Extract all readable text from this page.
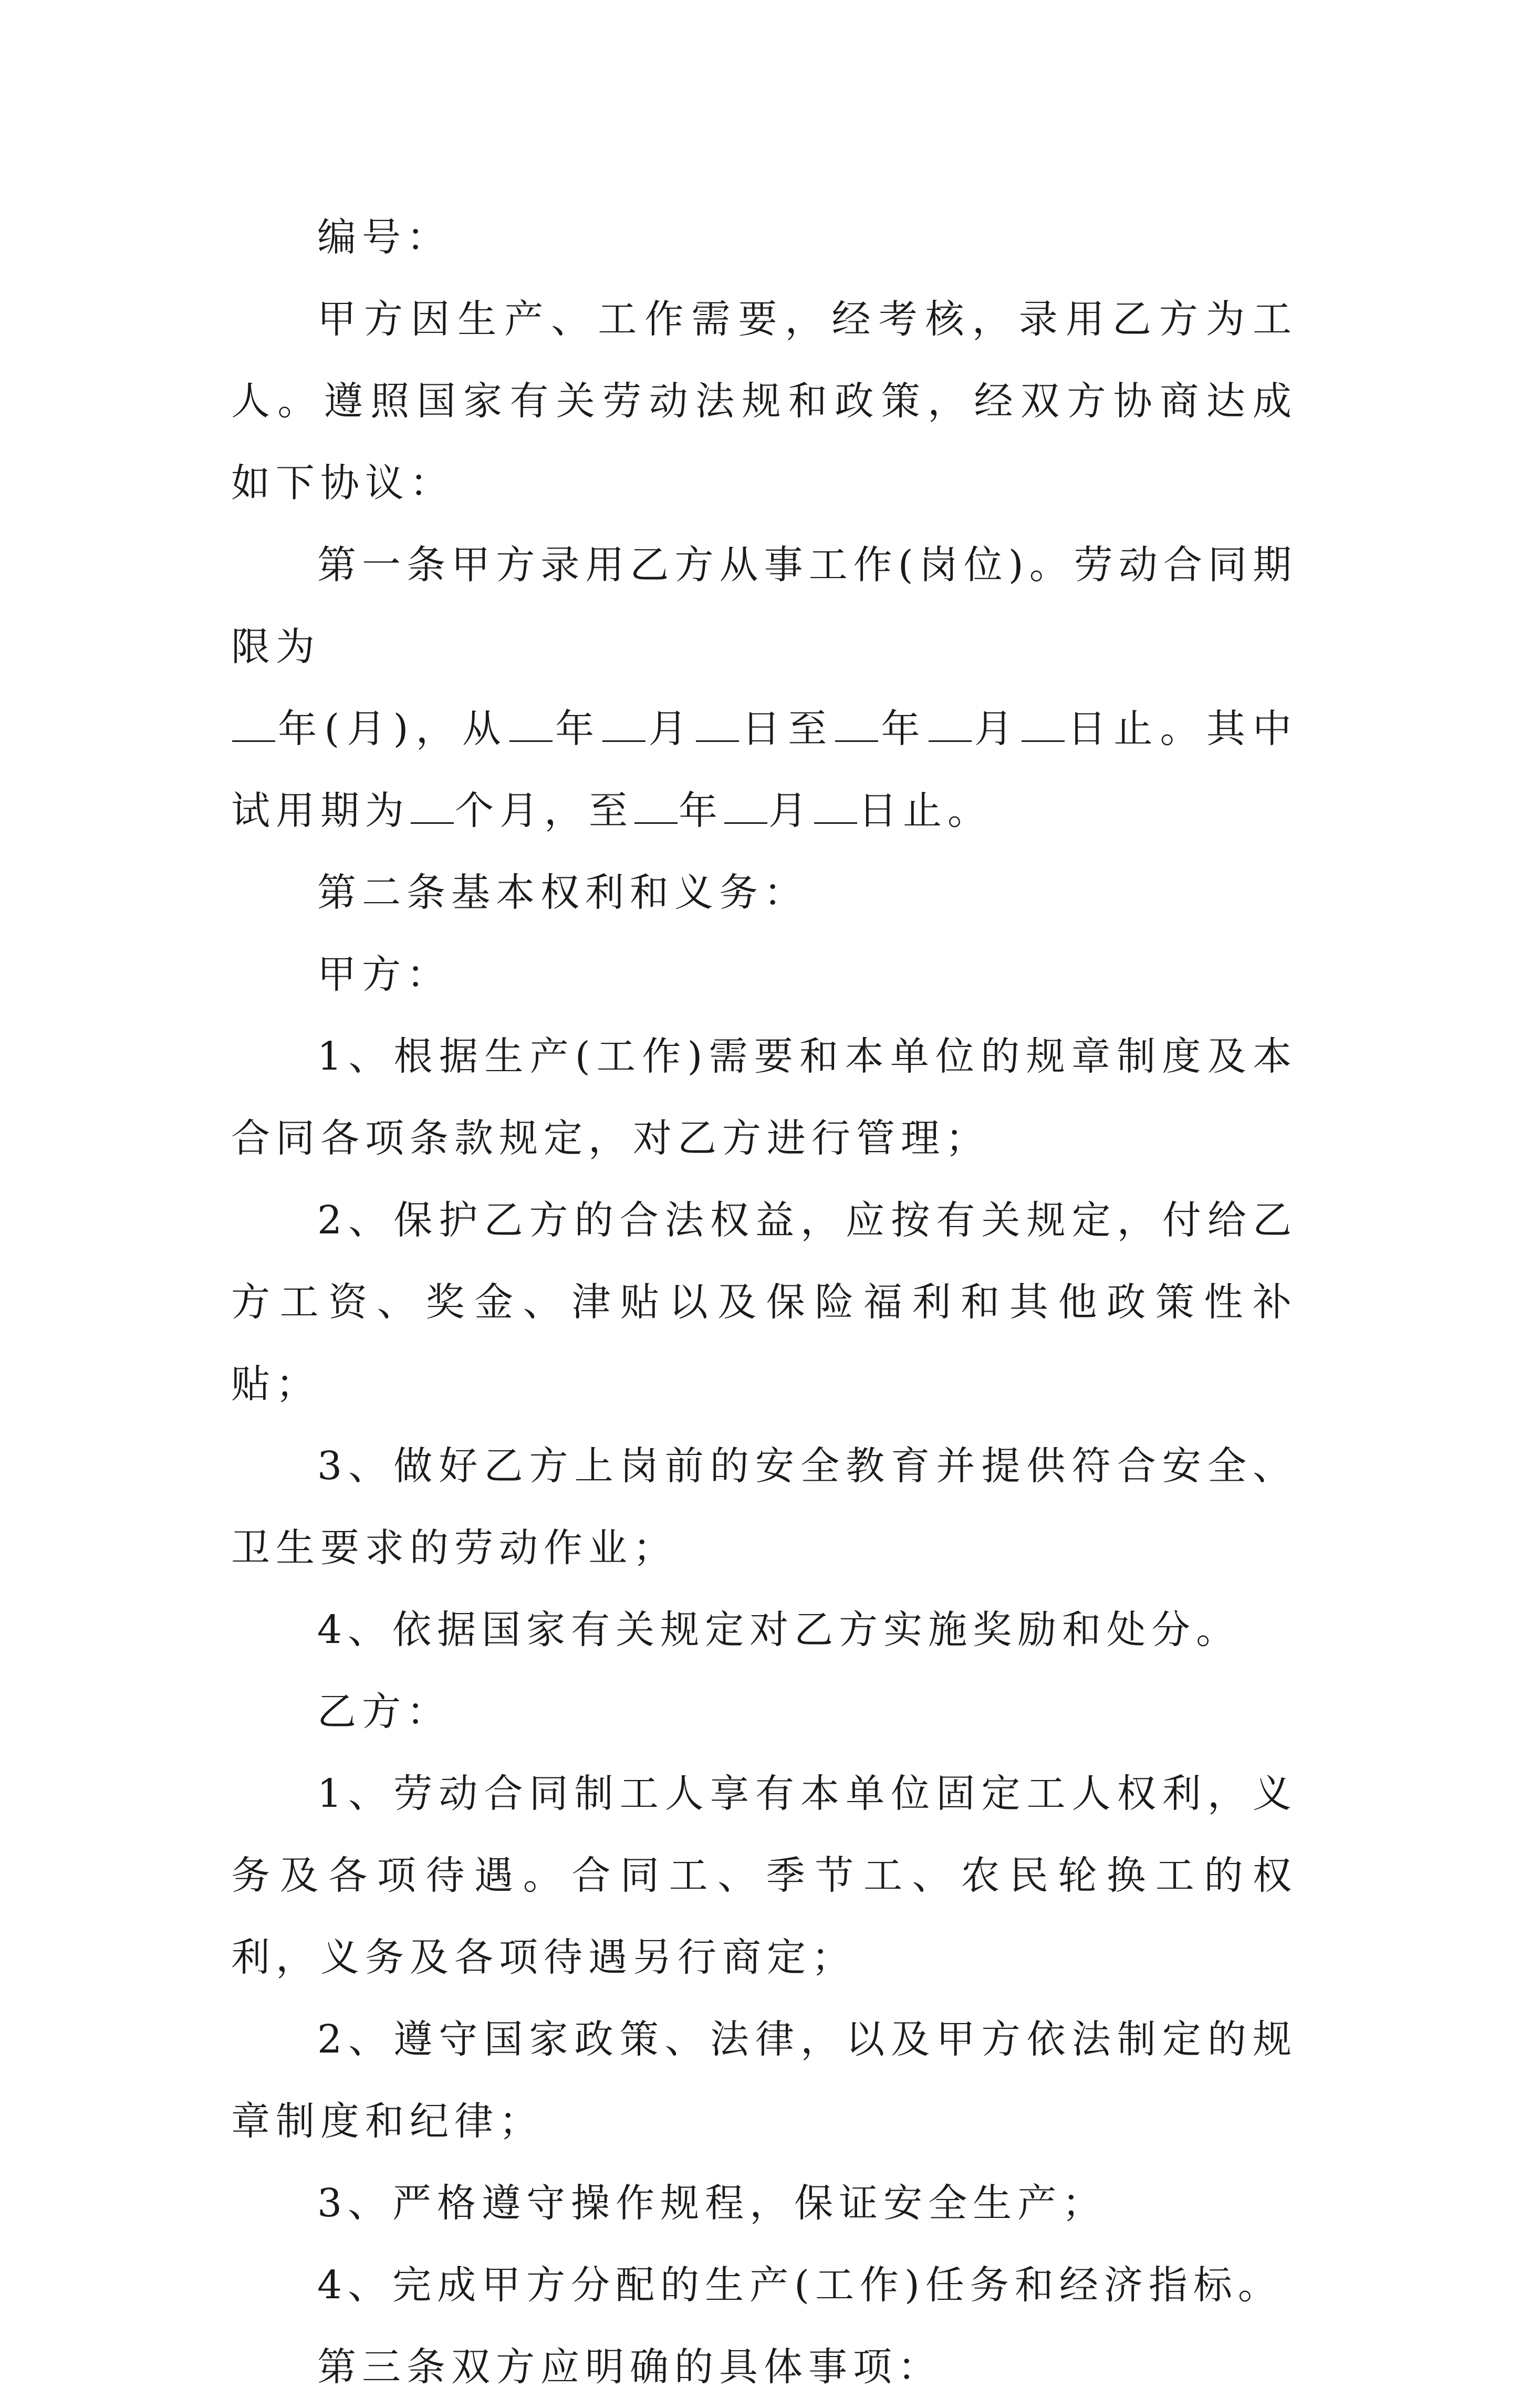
编号：

甲方因生产、工作需要，经考核，录用乙方为工人。遵照国家有关劳动法规和政策，经双方协商达成如下协议：

第一条甲方录用乙方从事工作(岗位)。劳动合同期限为
年(月)，从 年 月 日至 年 月 日止。其中试用期为 个月，至 年 月 日止。

第二条基本权利和义务：

甲方：

1、根据生产(工作)需要和本单位的规章制度及本合同各项条款规定，对乙方进行管理；

2、保护乙方的合法权益，应按有关规定，付给乙方工资、奖金、津贴以及保险福利和其他政策性补贴；

3、做好乙方上岗前的安全教育并提供符合安全、卫生要求的劳动作业；

4、依据国家有关规定对乙方实施奖励和处分。

乙方：

1、劳动合同制工人享有本单位固定工人权利，义务及各项待遇。合同工、季节工、农民轮换工的权利，义务及各项待遇另行商定；

2、遵守国家政策、法律，以及甲方依法制定的规章制度和纪律；

3、严格遵守操作规程，保证安全生产；

4、完成甲方分配的生产(工作)任务和经济指标。

第三条双方应明确的具体事项：
